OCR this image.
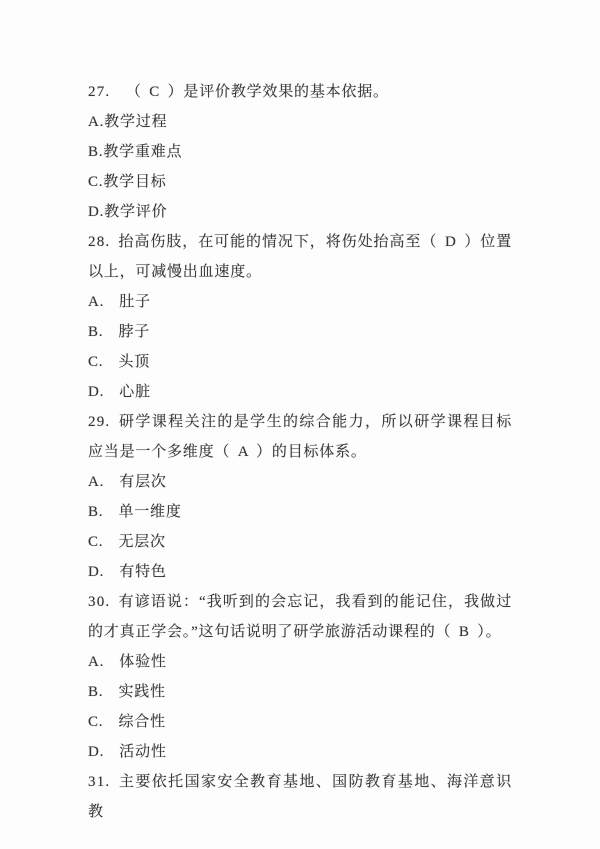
27. （ C ）是评价教学效果的基本依据。

A.教学过程

B.教学重难点

C.教学目标

D.教学评价

28. 抬高伤肢，在可能的情况下，将伤处抬高至（ D ）位置以上，可减慢出血速度。

A.  肚子

B.  脖子

C.  头顶

D.  心脏

29. 研学课程关注的是学生的综合能力，所以研学课程目标应当是一个多维度（ A ）的目标体系。

A.  有层次

B.  单一维度

C.  无层次

D.  有特色

30. 有谚语说：“我听到的会忘记，我看到的能记住，我做过的才真正学会。”这句话说明了研学旅游活动课程的（ B ）。

A.  体验性

B.  实践性

C.  综合性

D.  活动性

31. 主要依托国家安全教育基地、国防教育基地、海洋意识教
